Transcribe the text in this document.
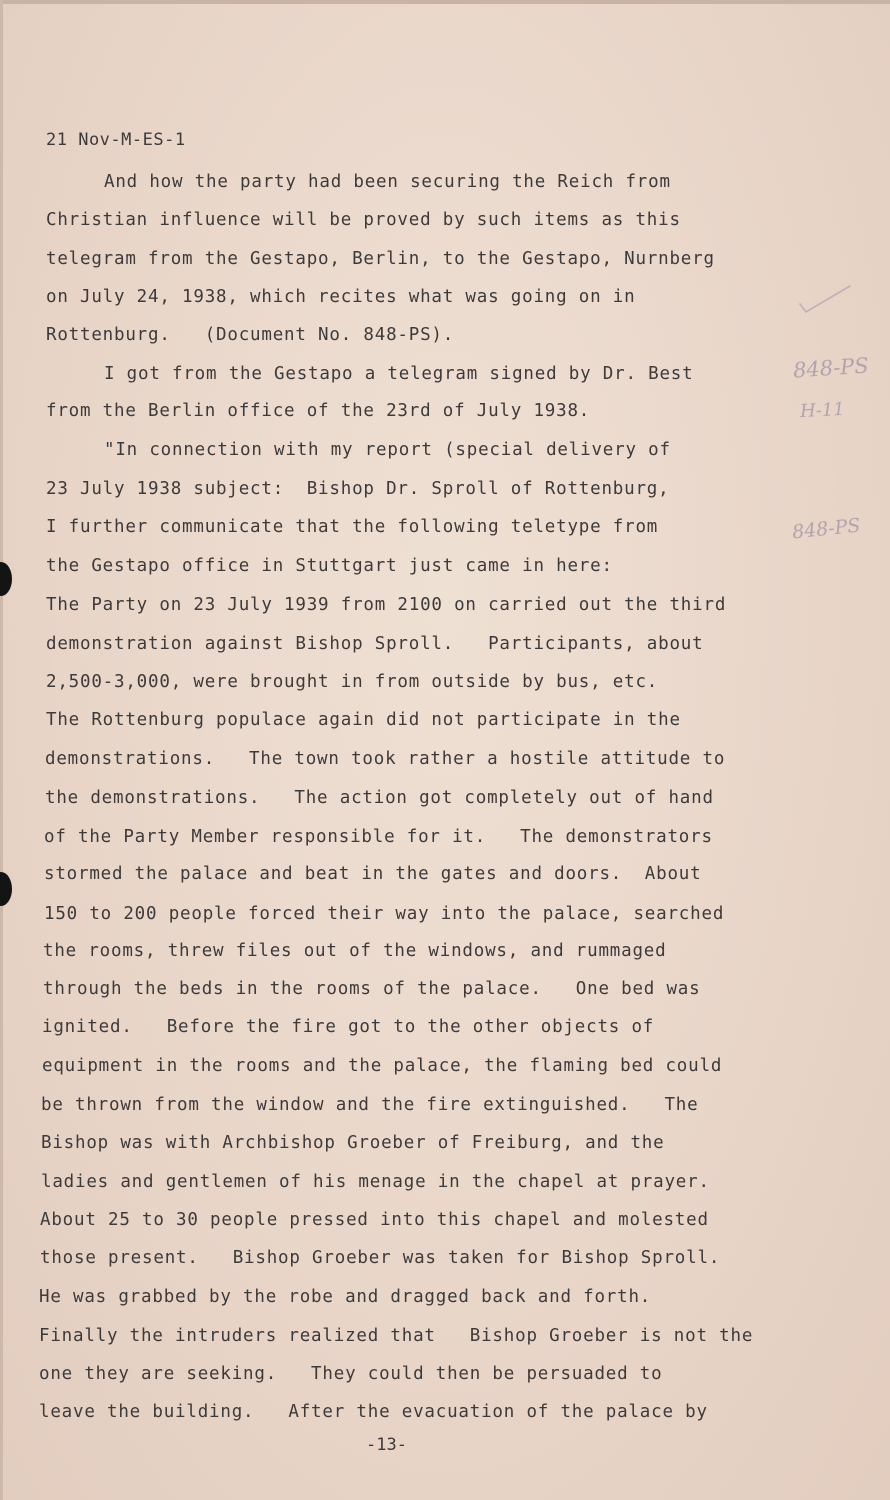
21 Nov-M-ES-1
And how the party had been securing the Reich from
Christian influence will be proved by such items as this
telegram from the Gestapo, Berlin, to the Gestapo, Nurnberg
on July 24, 1938, which recites what was going on in
Rottenburg.   (Document No. 848-PS).
I got from the Gestapo a telegram signed by Dr. Best
from the Berlin office of the 23rd of July 1938.
"In connection with my report (special delivery of
23 July 1938 subject:  Bishop Dr. Sproll of Rottenburg,
I further communicate that the following teletype from
the Gestapo office in Stuttgart just came in here:
The Party on 23 July 1939 from 2100 on carried out the third
demonstration against Bishop Sproll.   Participants, about
2,500-3,000, were brought in from outside by bus, etc.
The Rottenburg populace again did not participate in the
demonstrations.   The town took rather a hostile attitude to
the demonstrations.   The action got completely out of hand
of the Party Member responsible for it.   The demonstrators
stormed the palace and beat in the gates and doors.  About
150 to 200 people forced their way into the palace, searched
the rooms, threw files out of the windows, and rummaged
through the beds in the rooms of the palace.   One bed was
ignited.   Before the fire got to the other objects of
equipment in the rooms and the palace, the flaming bed could
be thrown from the window and the fire extinguished.   The
Bishop was with Archbishop Groeber of Freiburg, and the
ladies and gentlemen of his menage in the chapel at prayer.
About 25 to 30 people pressed into this chapel and molested
those present.   Bishop Groeber was taken for Bishop Sproll.
He was grabbed by the robe and dragged back and forth.
Finally the intruders realized that   Bishop Groeber is not the
one they are seeking.   They could then be persuaded to
leave the building.   After the evacuation of the palace by
-13-
848-PS
H-11
848-PS
